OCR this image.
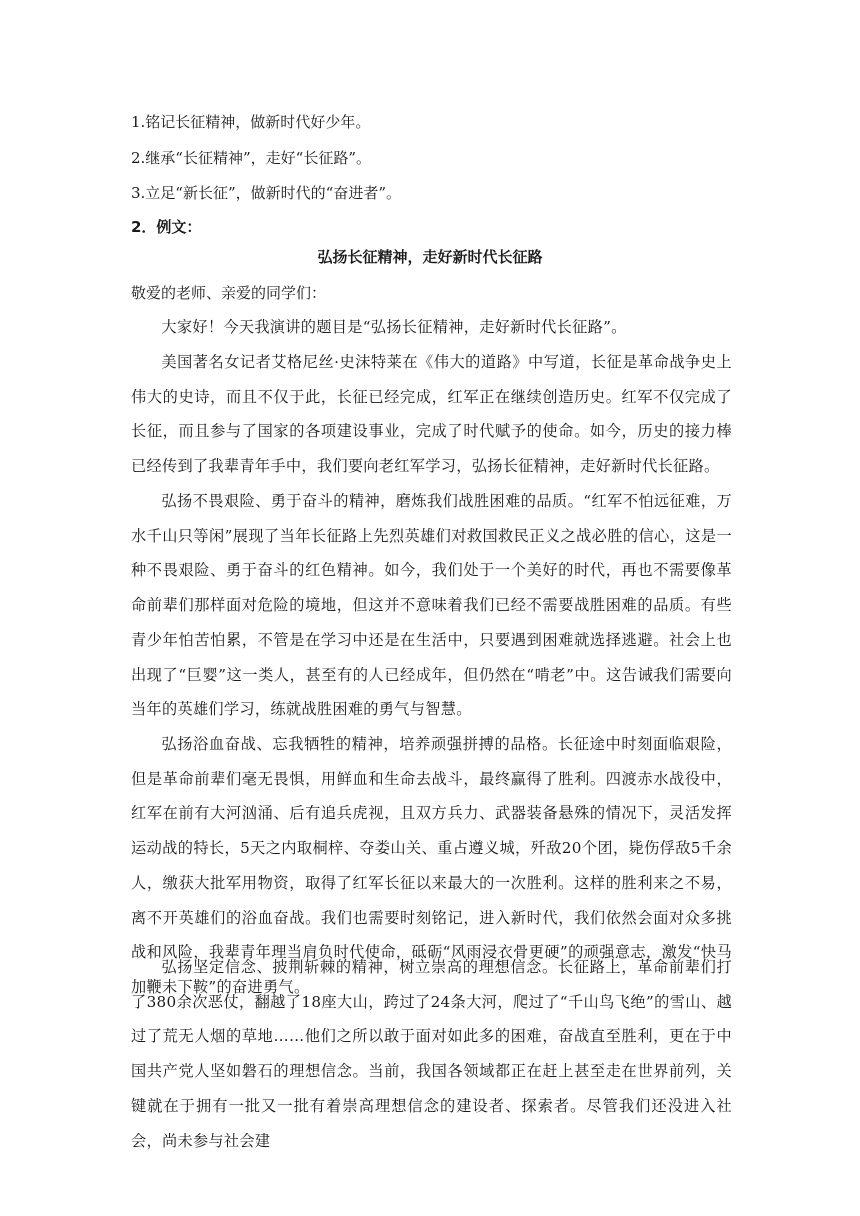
1.铭记长征精神，做新时代好少年。
2.继承“长征精神”，走好“长征路”。
3.立足“新长征”，做新时代的“奋进者”。
2．例文：
弘扬长征精神，走好新时代长征路
敬爱的老师、亲爱的同学们：

大家好！今天我演讲的题目是“弘扬长征精神，走好新时代长征路”。

美国著名女记者艾格尼丝·史沫特莱在《伟大的道路》中写道，长征是革命战争史上伟大的史诗，而且不仅于此，长征已经完成，红军正在继续创造历史。红军不仅完成了长征，而且参与了国家的各项建设事业，完成了时代赋予的使命。如今，历史的接力棒已经传到了我辈青年手中，我们要向老红军学习，弘扬长征精神，走好新时代长征路。

弘扬不畏艰险、勇于奋斗的精神，磨炼我们战胜困难的品质。“红军不怕远征难，万水千山只等闲”展现了当年长征路上先烈英雄们对救国救民正义之战必胜的信心，这是一种不畏艰险、勇于奋斗的红色精神。如今，我们处于一个美好的时代，再也不需要像革命前辈们那样面对危险的境地，但这并不意味着我们已经不需要战胜困难的品质。有些青少年怕苦怕累，不管是在学习中还是在生活中，只要遇到困难就选择逃避。社会上也出现了“巨婴”这一类人，甚至有的人已经成年，但仍然在“啃老”中。这告诫我们需要向当年的英雄们学习，练就战胜困难的勇气与智慧。

弘扬浴血奋战、忘我牺牲的精神，培养顽强拼搏的品格。长征途中时刻面临艰险，但是革命前辈们毫无畏惧，用鲜血和生命去战斗，最终赢得了胜利。四渡赤水战役中，红军在前有大河汹涌、后有追兵虎视，且双方兵力、武器装备悬殊的情况下，灵活发挥运动战的特长，5天之内取桐梓、夺娄山关、重占遵义城，歼敌20个团，毙伤俘敌5千余人，缴获大批军用物资，取得了红军长征以来最大的一次胜利。这样的胜利来之不易，离不开英雄们的浴血奋战。我们也需要时刻铭记，进入新时代，我们依然会面对众多挑战和风险，我辈青年理当肩负时代使命，砥砺“风雨浸衣骨更硬”的顽强意志，激发“快马加鞭未下鞍”的奋进勇气。

弘扬坚定信念、披荆斩棘的精神，树立崇高的理想信念。长征路上，革命前辈们打了380余次恶仗，翻越了18座大山，跨过了24条大河，爬过了“千山鸟飞绝”的雪山、越过了荒无人烟的草地……他们之所以敢于面对如此多的困难，奋战直至胜利，更在于中国共产党人坚如磐石的理想信念。当前，我国各领域都正在赶上甚至走在世界前列，关键就在于拥有一批又一批有着崇高理想信念的建设者、探索者。尽管我们还没进入社会，尚未参与社会建
